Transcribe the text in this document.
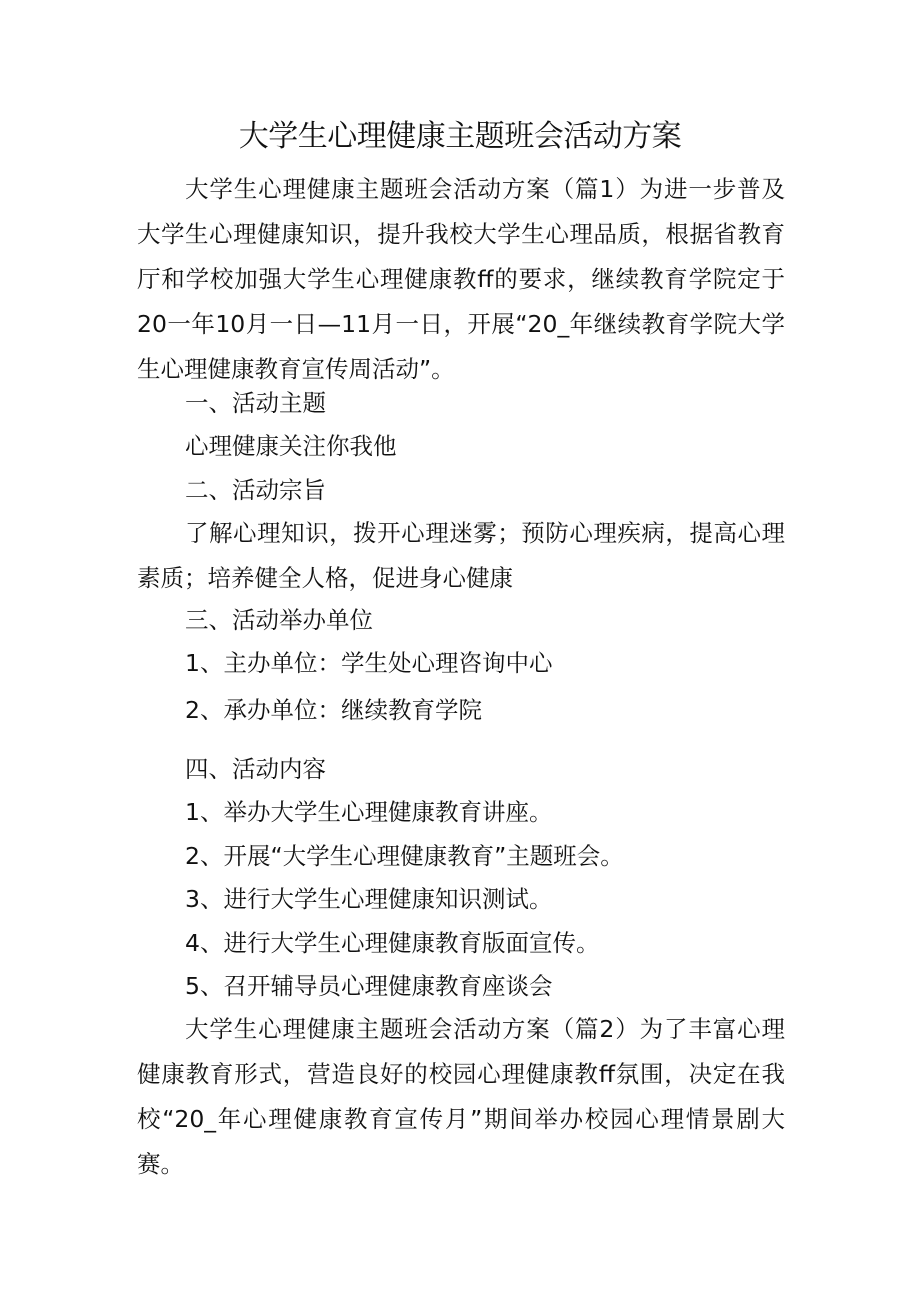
大学生心理健康主题班会活动方案

大学生心理健康主题班会活动方案（篇1）为进一步普及大学生心理健康知识，提升我校大学生心理品质，根据省教育厅和学校加强大学生心理健康教ff的要求，继续教育学院定于20一年10月一日—11月一日，开展“20_年继续教育学院大学生心理健康教育宣传周活动”。

一、活动主题

心理健康关注你我他

二、活动宗旨

了解心理知识，拨开心理迷雾；预防心理疾病，提高心理素质；培养健全人格，促进身心健康

三、活动举办单位

1、主办单位：学生处心理咨询中心

2、承办单位：继续教育学院

四、活动内容

1、举办大学生心理健康教育讲座。

2、开展“大学生心理健康教育”主题班会。

3、进行大学生心理健康知识测试。

4、进行大学生心理健康教育版面宣传。

5、召开辅导员心理健康教育座谈会

大学生心理健康主题班会活动方案（篇2）为了丰富心理健康教育形式，营造良好的校园心理健康教ff氛围，决定在我校“20_年心理健康教育宣传月”期间举办校园心理情景剧大赛。
